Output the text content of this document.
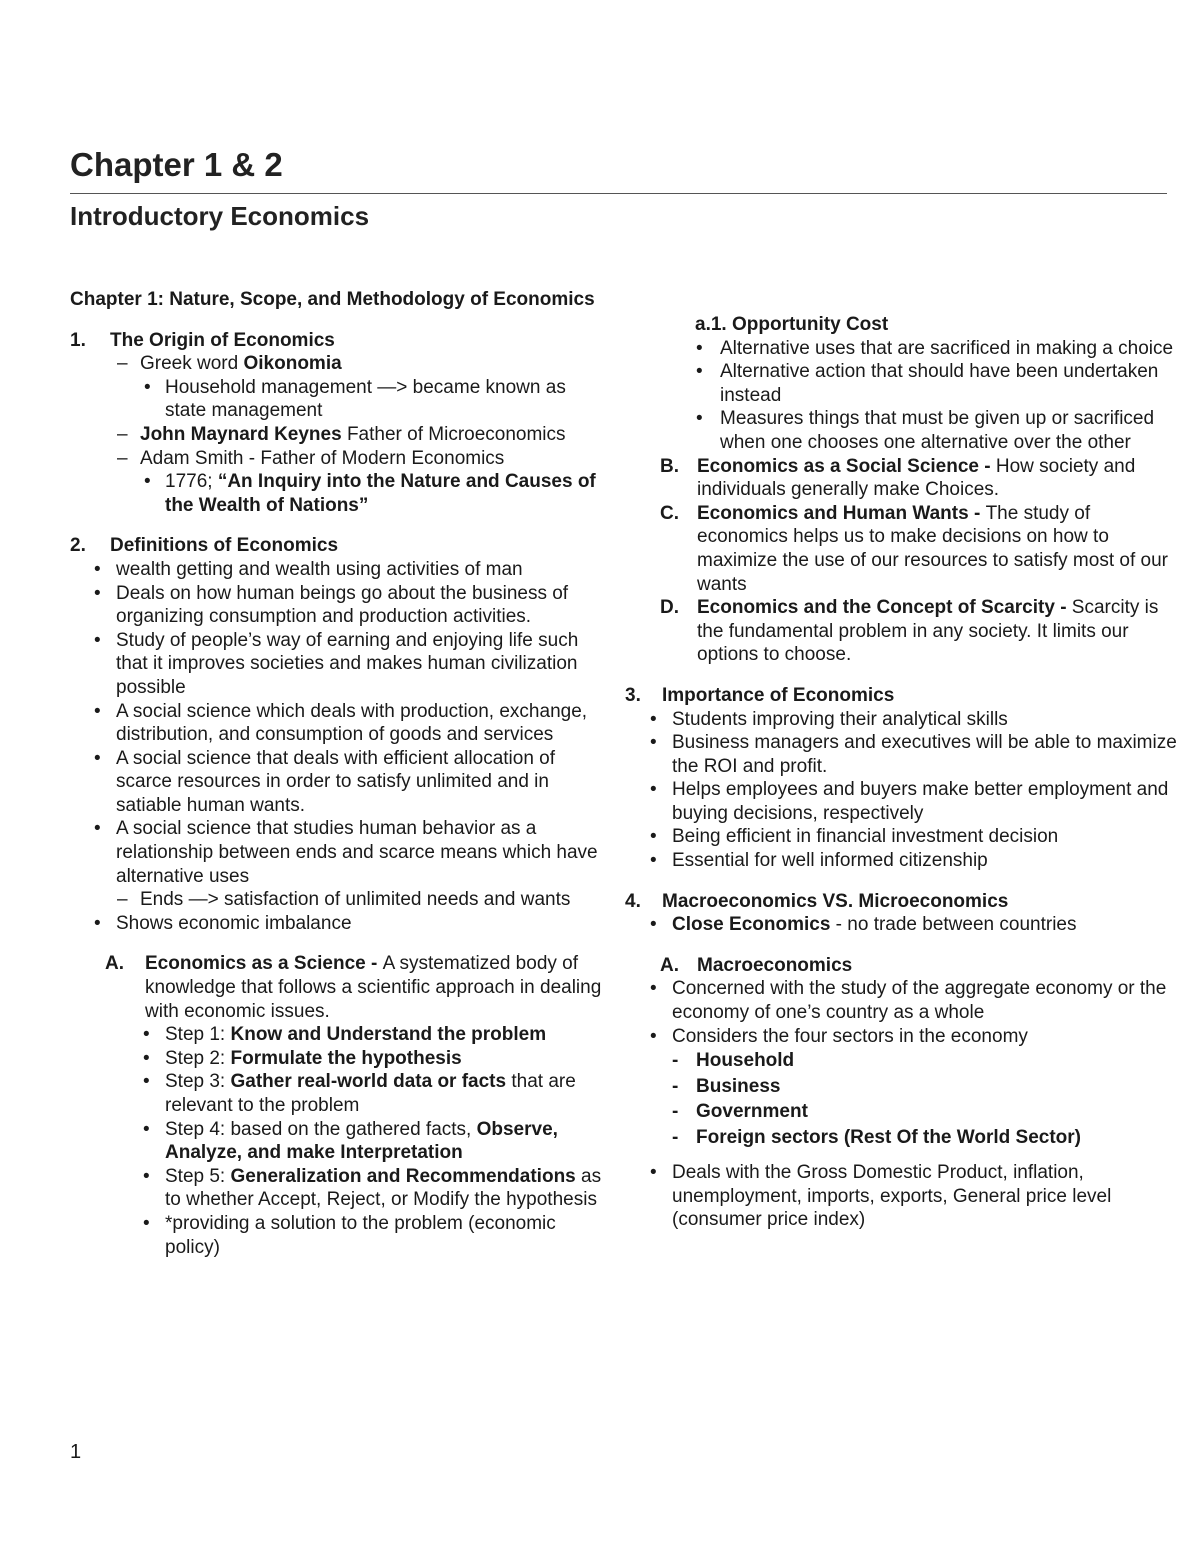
Chapter 1 & 2
Introductory Economics
Chapter 1: Nature, Scope, and Methodology of Economics
1. The Origin of Economics
– Greek word Oikonomia
• Household management —> became known as state management
– John Maynard Keynes Father of Microeconomics
– Adam Smith - Father of Modern Economics
• 1776; “An Inquiry into the Nature and Causes of the Wealth of Nations”
2. Definitions of Economics
• wealth getting and wealth using activities of man
• Deals on how human beings go about the business of organizing consumption and production activities.
• Study of people’s way of earning and enjoying life such that it improves societies and makes human civilization possible
• A social science which deals with production, exchange, distribution, and consumption of goods and services
• A social science that deals with efficient allocation of scarce resources in order to satisfy unlimited and in satiable human wants.
• A social science that studies human behavior as a relationship between ends and scarce means which have alternative uses
– Ends —> satisfaction of unlimited needs and wants
• Shows economic imbalance
A. Economics as a Science - A systematized body of knowledge that follows a scientific approach in dealing with economic issues.
• Step 1: Know and Understand the problem
• Step 2: Formulate the hypothesis
• Step 3: Gather real-world data or facts that are relevant to the problem
• Step 4: based on the gathered facts, Observe, Analyze, and make Interpretation
• Step 5: Generalization and Recommendations as to whether Accept, Reject, or Modify the hypothesis
• *providing a solution to the problem (economic policy)
a.1. Opportunity Cost
• Alternative uses that are sacrificed in making a choice
• Alternative action that should have been undertaken instead
• Measures things that must be given up or sacrificed when one chooses one alternative over the other
B. Economics as a Social Science - How society and individuals generally make Choices.
C. Economics and Human Wants - The study of economics helps us to make decisions on how to maximize the use of our resources to satisfy most of our wants
D. Economics and the Concept of Scarcity - Scarcity is the fundamental problem in any society. It limits our options to choose.
3. Importance of Economics
• Students improving their analytical skills
• Business managers and executives will be able to maximize the ROI and profit.
• Helps employees and buyers make better employment and buying decisions, respectively
• Being efficient in financial investment decision
• Essential for well informed citizenship
4. Macroeconomics VS. Microeconomics
• Close Economics - no trade between countries
A. Macroeconomics
• Concerned with the study of the aggregate economy or the economy of one’s country as a whole
• Considers the four sectors in the economy
- Household
- Business
- Government
- Foreign sectors (Rest Of the World Sector)
• Deals with the Gross Domestic Product, inflation, unemployment, imports, exports, General price level (consumer price index)
1
